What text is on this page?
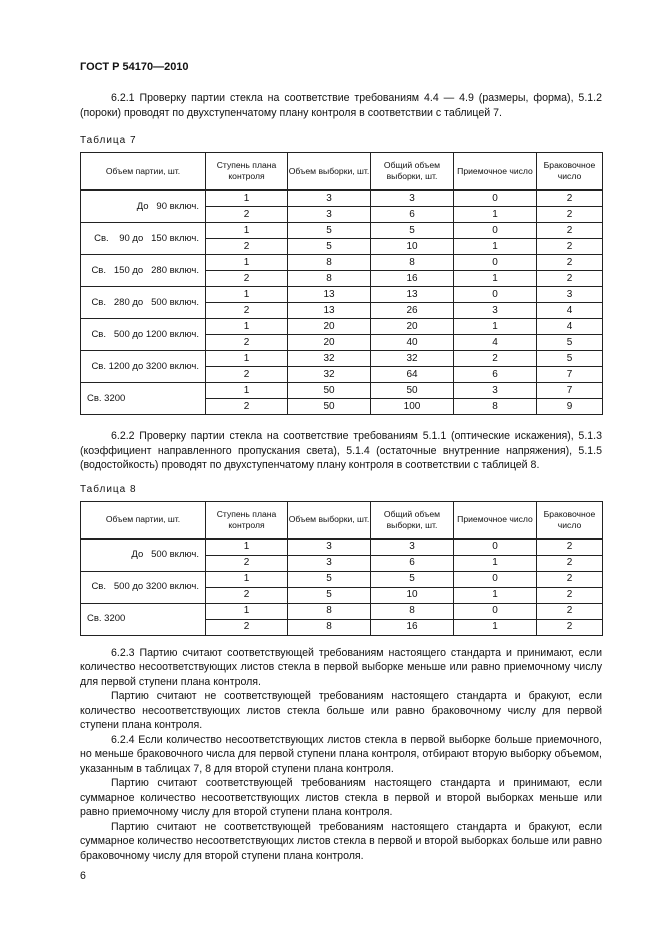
ГОСТ Р 54170—2010

6.2.1 Проверку партии стекла на соответствие требованиям 4.4 — 4.9 (размеры, форма), 5.1.2 (пороки) проводят по двухступенчатому плану контроля в соответствии с таблицей 7.

Таблица 7
Объем партии, шт.	Ступень плана контроля	Объем выборки, шт.	Общий объем выборки, шт.	Приемочное число	Браковочное число
До   90 включ.	1	3	3	0	2
	2	3	6	1	2
Св.    90 до   150 включ.	1	5	5	0	2
	2	5	10	1	2
Св.   150 до   280 включ.	1	8	8	0	2
	2	8	16	1	2
Св.   280 до   500 включ.	1	13	13	0	3
	2	13	26	3	4
Св.   500 до 1200 включ.	1	20	20	1	4
	2	20	40	4	5
Св. 1200 до 3200 включ.	1	32	32	2	5
	2	32	64	6	7
Св. 3200	1	50	50	3	7
	2	50	100	8	9

6.2.2 Проверку партии стекла на соответствие требованиям 5.1.1 (оптические искажения), 5.1.3 (коэффициент направленного пропускания света), 5.1.4 (остаточные внутренние напряжения), 5.1.5 (водостойкость) проводят по двухступенчатому плану контроля в соответствии с таблицей 8.

Таблица 8
Объем партии, шт.	Ступень плана контроля	Объем выборки, шт.	Общий объем выборки, шт.	Приемочное число	Браковочное число
До   500 включ.	1	3	3	0	2
	2	3	6	1	2
Св.   500 до 3200 включ.	1	5	5	0	2
	2	5	10	1	2
Св. 3200	1	8	8	0	2
	2	8	16	1	2

6.2.3 Партию считают соответствующей требованиям настоящего стандарта и принимают, если количество несоответствующих листов стекла в первой выборке меньше или равно приемочному числу для первой ступени плана контроля.

Партию считают не соответствующей требованиям настоящего стандарта и бракуют, если количество несоответствующих листов стекла больше или равно браковочному числу для первой ступени плана контроля.

6.2.4 Если количество несоответствующих листов стекла в первой выборке больше приемочного, но меньше браковочного числа для первой ступени плана контроля, отбирают вторую выборку объемом, указанным в таблицах 7, 8 для второй ступени плана контроля.

Партию считают соответствующей требованиям настоящего стандарта и принимают, если суммарное количество несоответствующих листов стекла в первой и второй выборках меньше или равно приемочному числу для второй ступени плана контроля.

Партию считают не соответствующей требованиям настоящего стандарта и бракуют, если суммарное количество несоответствующих листов стекла в первой и второй выборках больше или равно браковочному числу для второй ступени плана контроля.

6
